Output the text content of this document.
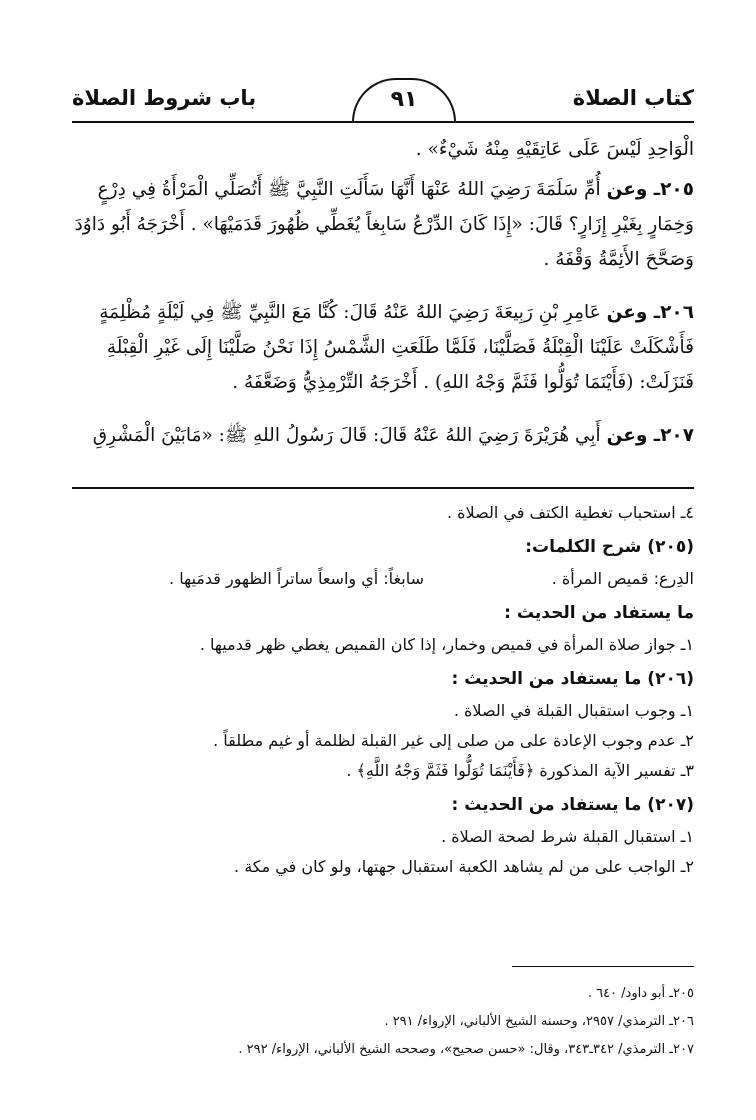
كتاب الصلاة
٩١
باب شروط الصلاة
الْوَاحِدِ لَيْسَ عَلَى عَاتِقَيْهِ مِنْهُ شَيْءٌ» .
٢٠٥ـ وعن أُمِّ سَلَمَةَ رَضِيَ اللهُ عَنْهَا أَنَّهَا سَأَلَتِ النَّبِيَّ ﷺ أَتُصَلِّي الْمَرْأَةُ فِي دِرْعٍ
وَخِمَارٍ بِغَيْرِ إِزَارٍ؟ قَالَ: «إِذَا كَانَ الدِّرْعُ سَابِغاً يُغَطِّي ظُهُورَ قَدَمَيْهَا» . أَخْرَجَهُ أَبُو دَاوُدَ
وَصَحَّحَ الأَئِمَّةُ وَقْفَهُ .
٢٠٦ـ وعن عَامِرِ بْنِ رَبِيعَةَ رَضِيَ اللهُ عَنْهُ قَالَ: كُنَّا مَعَ النَّبِيِّ ﷺ فِي لَيْلَةٍ مُظْلِمَةٍ
فَأَشْكَلَتْ عَلَيْنَا الْقِبْلَةُ فَصَلَّيْنَا، فَلَمَّا طَلَعَتِ الشَّمْسُ إِذَا نَحْنُ صَلَّيْنَا إِلَى غَيْرِ الْقِبْلَةِ
فَنَزَلَتْ: (فَأَيْنَمَا تُوَلُّوا فَثَمَّ وَجْهُ اللهِ) . أَخْرَجَهُ التِّرْمِذِيُّ وَضَعَّفَهُ .
٢٠٧ـ وعن أَبِي هُرَيْرَةَ رَضِيَ اللهُ عَنْهُ قَالَ: قَالَ رَسُولُ اللهِ ﷺ: «مَابَيْنَ الْمَشْرِقِ
٤ـ استحباب تغطية الكتف في الصلاة .
(٢٠٥) شرح الكلمات:
الدِرع: قميص المرأة .
سابغاً: أي واسعاً ساتراً الظهور قدمَيها .
ما يستفاد من الحديث :
١ـ جواز صلاة المرأة في قميص وخمار، إذا كان القميص يغطي ظهر قدميها .
(٢٠٦) ما يستفاد من الحديث :
١ـ وجوب استقبال القبلة في الصلاة .
٢ـ عدم وجوب الإعادة على من صلى إلى غير القبلة لظلمة أو غيم مطلقاً .
٣ـ تفسير الآية المذكورة ﴿فَأَيْنَمَا تُوَلُّوا فَثَمَّ وَجْهُ اللَّهِ﴾ .
(٢٠٧) ما يستفاد من الحديث :
١ـ استقبال القبلة شرط لصحة الصلاة .
٢ـ الواجب على من لم يشاهد الكعبة استقبال جهتها، ولو كان في مكة .
٢٠٥ـ أبو داود/ ٦٤٠ .
٢٠٦ـ الترمذي/ ٢٩٥٧، وحسنه الشيخ الألباني، الإرواء/ ٢٩١ .
٢٠٧ـ الترمذي/ ٣٤٢ـ٣٤٣، وقال: «حسن صحيح»، وصححه الشيخ الألباني، الإرواء/ ٢٩٢ .
